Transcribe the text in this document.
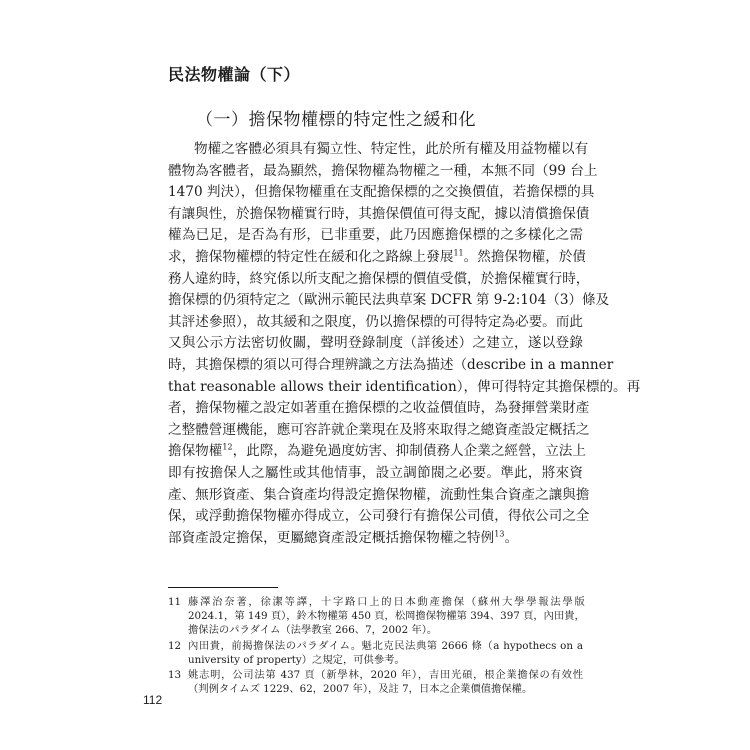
民法物權論（下）
（一）擔保物權標的特定性之緩和化
物權之客體必須具有獨立性、特定性，此於所有權及用益物權以有
體物為客體者，最為顯然，擔保物權為物權之一種，本無不同（99 台上
1470 判決），但擔保物權重在支配擔保標的之交換價值，若擔保標的具
有讓與性，於擔保物權實行時，其擔保價值可得支配，據以清償擔保債
權為已足，是否為有形，已非重要，此乃因應擔保標的之多樣化之需
求，擔保物權標的特定性在緩和化之路線上發展$^{11}$。然擔保物權，於債
務人違約時，終究係以所支配之擔保標的價值受償，於擔保權實行時，
擔保標的仍須特定之（歐洲示範民法典草案 DCFR 第 9-2:104（3）條及
其評述參照），故其緩和之限度，仍以擔保標的可得特定為必要。而此
又與公示方法密切攸關，聲明登錄制度（詳後述）之建立，遂以登錄
時，其擔保標的須以可得合理辨識之方法為描述（describe in a manner
that reasonable allows their identification），俾可得特定其擔保標的。再
者，擔保物權之設定如著重在擔保標的之收益價值時，為發揮營業財產
之整體營運機能，應可容許就企業現在及將來取得之總資產設定概括之
擔保物權$^{12}$，此際，為避免過度妨害、抑制債務人企業之經營，立法上
即有按擔保人之屬性或其他情事，設立調節閥之必要。準此，將來資
產、無形資產、集合資產均得設定擔保物權，流動性集合資產之讓與擔
保，或浮動擔保物權亦得成立，公司發行有擔保公司債，得依公司之全
部資產設定擔保，更屬總資產設定概括擔保物權之特例$^{13}$。
11 藤澤治奈著，徐潔等譯，十字路口上的日本動產擔保（蘇州大學學報法學版
2024.1，第 149 頁），鈴木物權第 450 頁，松岡擔保物權第 394、397 頁，內田貴，
擔保法のパラダイム（法學教室 266、7，2002 年）。
12 內田貴，前揭擔保法のパラダイム。魁北克民法典第 2666 條（a hypothecs on a
university of property）之規定，可供參考。
13 姚志明，公司法第 437 頁（新學林，2020 年），吉田光碩，根企業擔保の有效性
（判例タイムズ 1229、62，2007 年），及註 7，日本之企業價值擔保權。
112
